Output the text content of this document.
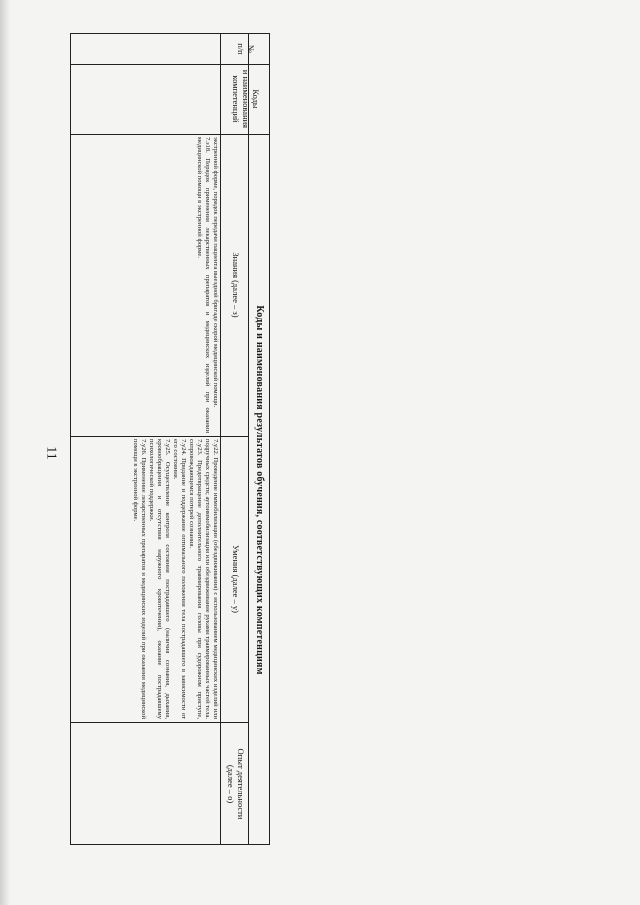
11
№
п/п
Коды
и наименования
компетенций
Коды и наименования результатов обучения, соответствующих компетенциям
Знания (далее – з)
Умения (далее – у)
Опыт деятельности
(далее – о)

экстренной форме, порядок передачи пациента выездной бригаде скорой медицинской помощи.

7.з18. Порядок применения лекарственных препаратов и медицинских изделий при оказании медицинской помощи в экстренной форме.

7.у22. Проведение иммобилизации (обездвиживания) с использованием медицинских изделий или подручных средств; аутоиммобилизация или обездвиживание руками травмированных частей тела.

7.у23. Предотвращение дополнительного травмирования головы при судорожном приступе, сопровождающемся потерей сознания.

7.у24. Придание и поддержание оптимального положения тела пострадавшего в зависимости от его состояния.

7.у25. Осуществление контроля состояния пострадавшего (наличия сознания, дыхания, кровообращения и отсутствия наружного кровотечения), оказание пострадавшему психологической поддержки.

7.у26. Применение лекарственных препаратов и медицинских изделий при оказании медицинской помощи в экстренной форме.
